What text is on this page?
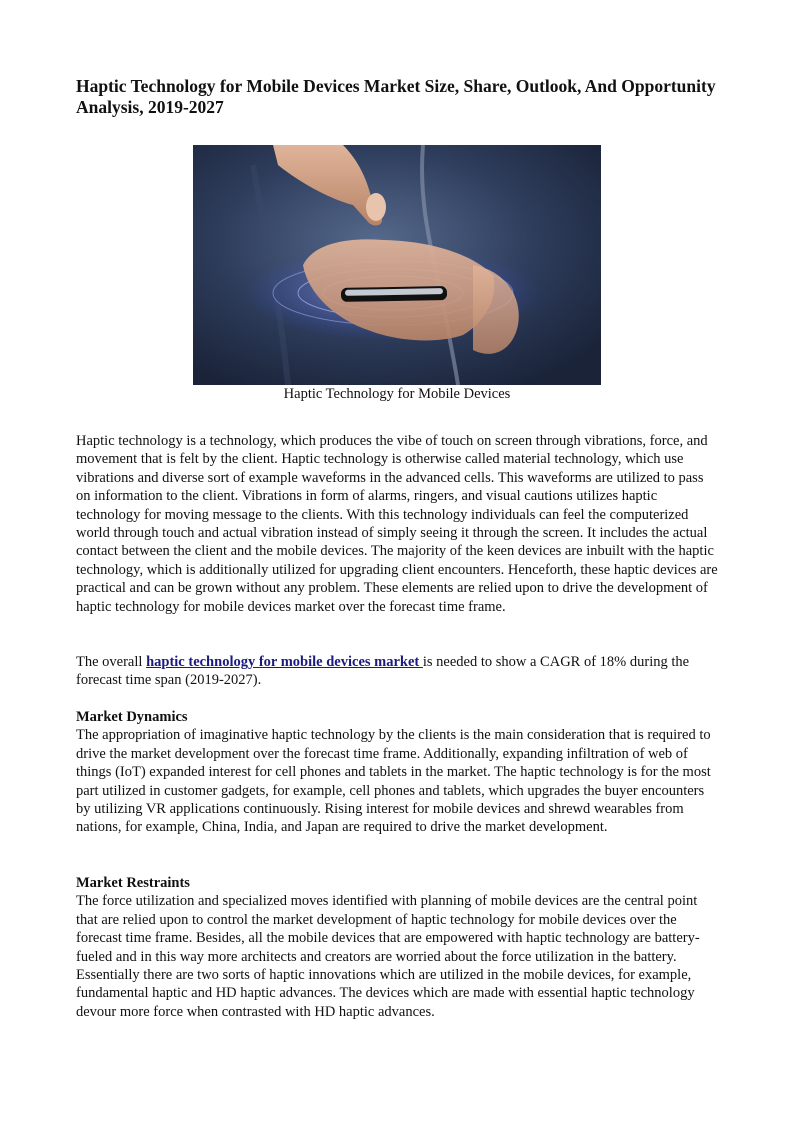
Haptic Technology for Mobile Devices Market Size, Share, Outlook, And Opportunity Analysis, 2019-2027
Haptic Technology for Mobile Devices

Haptic technology is a technology, which produces the vibe of touch on screen through vibrations, force, and movement that is felt by the client. Haptic technology is otherwise called material technology, which use vibrations and diverse sort of example waveforms in the advanced cells. This waveforms are utilized to pass on information to the client. Vibrations in form of alarms, ringers, and visual cautions utilizes haptic technology for moving message to the clients. With this technology individuals can feel the computerized world through touch and actual vibration instead of simply seeing it through the screen. It includes the actual contact between the client and the mobile devices. The majority of the keen devices are inbuilt with the haptic technology, which is additionally utilized for upgrading client encounters. Henceforth, these haptic devices are practical and can be grown without any problem. These elements are relied upon to drive the development of haptic technology for mobile devices market over the forecast time frame.

The overall haptic technology for mobile devices market is needed to show a CAGR of 18% during the forecast time span (2019-2027).

Market Dynamics
The appropriation of imaginative haptic technology by the clients is the main consideration that is required to drive the market development over the forecast time frame. Additionally, expanding infiltration of web of things (IoT) expanded interest for cell phones and tablets in the market. The haptic technology is for the most part utilized in customer gadgets, for example, cell phones and tablets, which upgrades the buyer encounters by utilizing VR applications continuously. Rising interest for mobile devices and shrewd wearables from nations, for example, China, India, and Japan are required to drive the market development.
Market Restraints
The force utilization and specialized moves identified with planning of mobile devices are the central point that are relied upon to control the market development of haptic technology for mobile devices over the forecast time frame. Besides, all the mobile devices that are empowered with haptic technology are battery-fueled and in this way more architects and creators are worried about the force utilization in the battery. Essentially there are two sorts of haptic innovations which are utilized in the mobile devices, for example, fundamental haptic and HD haptic advances. The devices which are made with essential haptic technology devour more force when contrasted with HD haptic advances.
